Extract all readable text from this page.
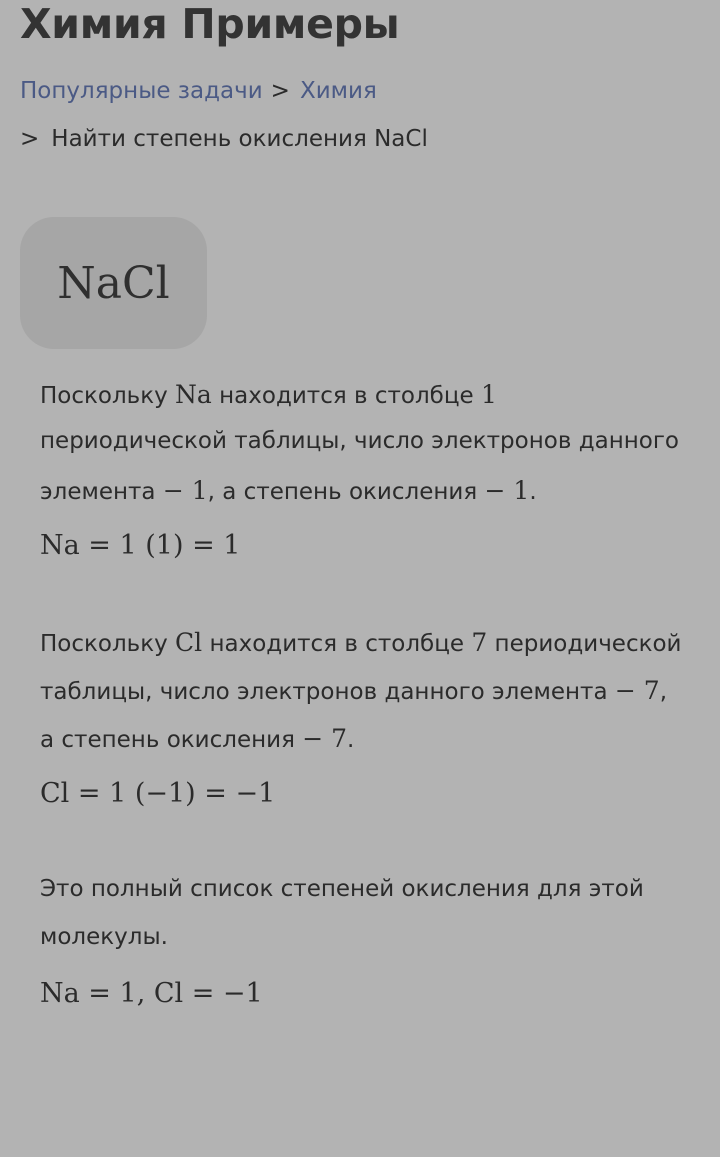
Химия Примеры
Популярные задачи > Химия
> Найти степень окисления NaCl
NaCl
Поскольку Na находится в столбце 1
периодической таблицы, число электронов данного
элемента − 1, а степень окисления − 1.
Na = 1 (1) = 1
Поскольку Cl находится в столбце 7 периодической
таблицы, число электронов данного элемента − 7,
а степень окисления − 7.
Cl = 1 (−1) = −1
Это полный список степеней окисления для этой
молекулы.
Na = 1, Cl = −1
